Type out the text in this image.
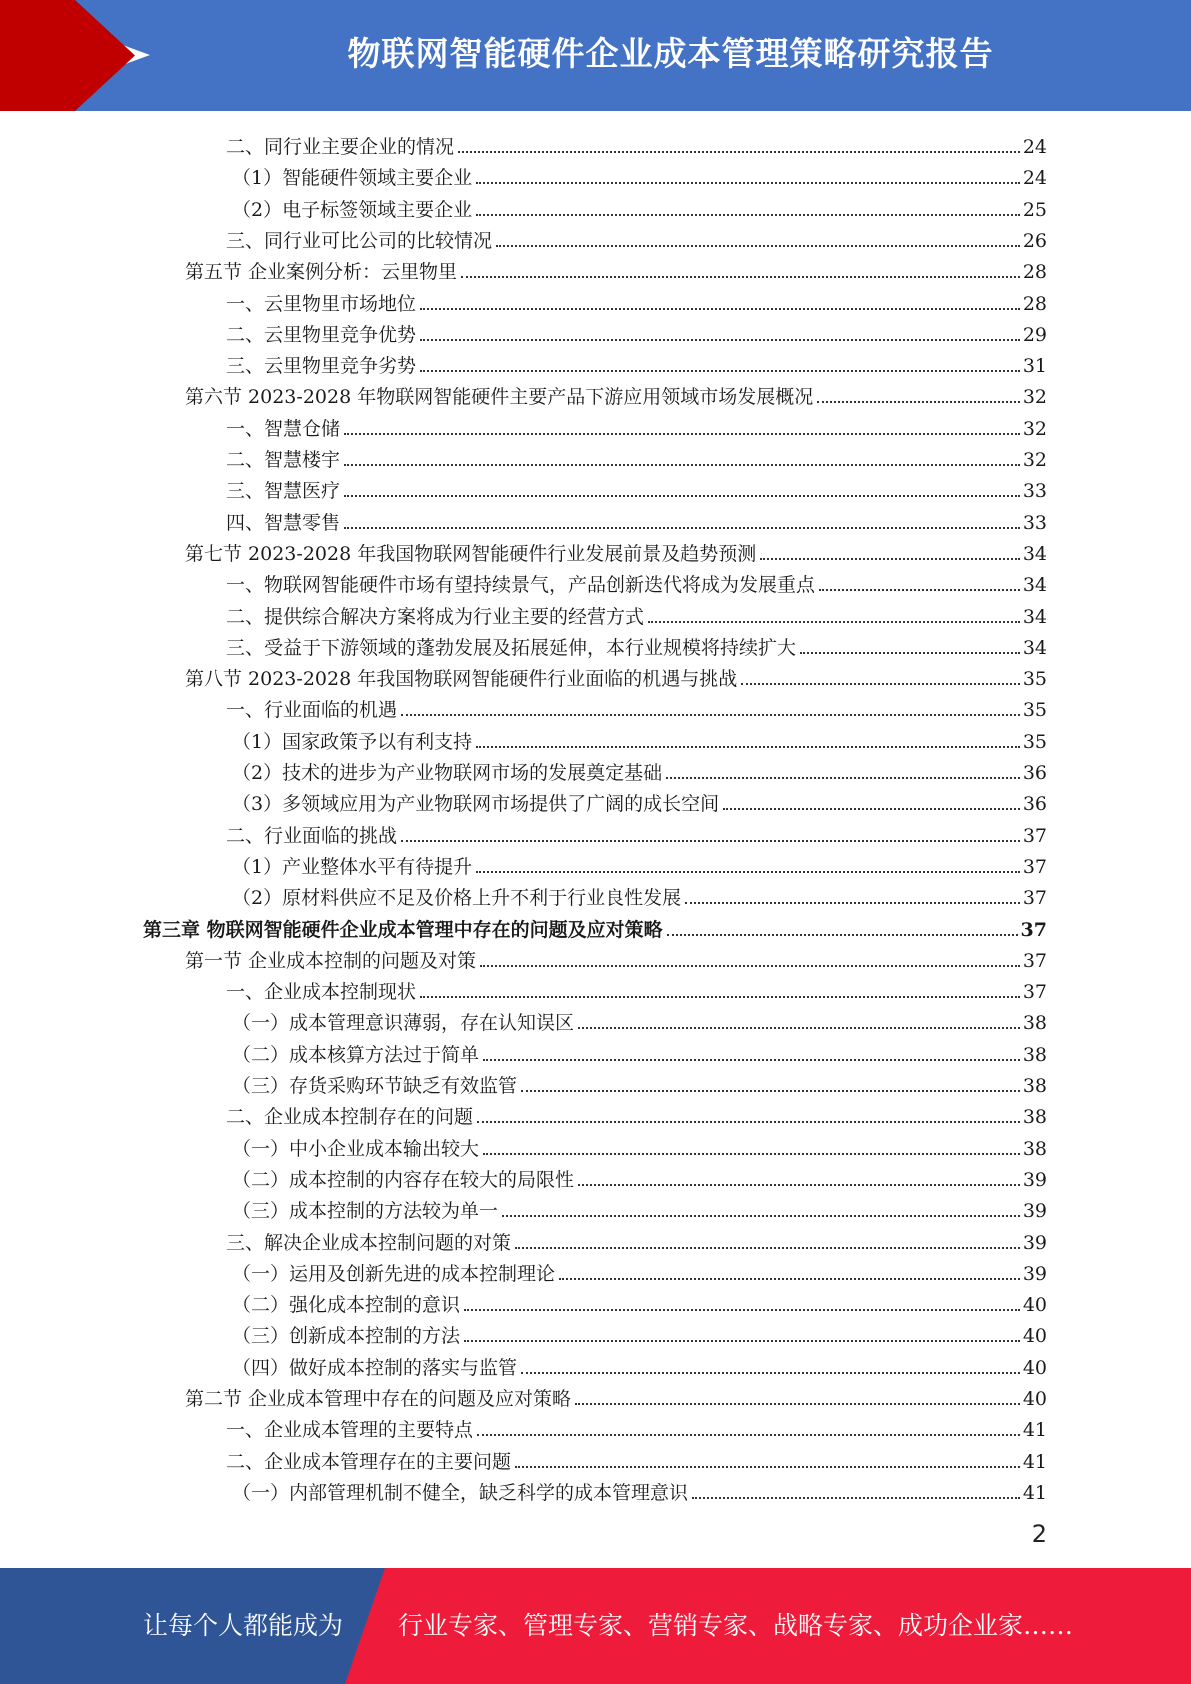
物联网智能硬件企业成本管理策略研究报告
二、同行业主要企业的情况	24
（1）智能硬件领域主要企业	24
（2）电子标签领域主要企业	25
三、同行业可比公司的比较情况	26
第五节 企业案例分析：云里物里	28
一、云里物里市场地位	28
二、云里物里竞争优势	29
三、云里物里竞争劣势	31
第六节 2023-2028 年物联网智能硬件主要产品下游应用领域市场发展概况	32
一、智慧仓储	32
二、智慧楼宇	32
三、智慧医疗	33
四、智慧零售	33
第七节 2023-2028 年我国物联网智能硬件行业发展前景及趋势预测	34
一、物联网智能硬件市场有望持续景气，产品创新迭代将成为发展重点	34
二、提供综合解决方案将成为行业主要的经营方式	34
三、受益于下游领域的蓬勃发展及拓展延伸，本行业规模将持续扩大	34
第八节 2023-2028 年我国物联网智能硬件行业面临的机遇与挑战	35
一、行业面临的机遇	35
（1）国家政策予以有利支持	35
（2）技术的进步为产业物联网市场的发展奠定基础	36
（3）多领域应用为产业物联网市场提供了广阔的成长空间	36
二、行业面临的挑战	37
（1）产业整体水平有待提升	37
（2）原材料供应不足及价格上升不利于行业良性发展	37
第三章 物联网智能硬件企业成本管理中存在的问题及应对策略	37
第一节 企业成本控制的问题及对策	37
一、企业成本控制现状	37
（一）成本管理意识薄弱，存在认知误区	38
（二）成本核算方法过于简单	38
（三）存货采购环节缺乏有效监管	38
二、企业成本控制存在的问题	38
（一）中小企业成本输出较大	38
（二）成本控制的内容存在较大的局限性	39
（三）成本控制的方法较为单一	39
三、解决企业成本控制问题的对策	39
（一）运用及创新先进的成本控制理论	39
（二）强化成本控制的意识	40
（三）创新成本控制的方法	40
（四）做好成本控制的落实与监管	40
第二节 企业成本管理中存在的问题及应对策略	40
一、企业成本管理的主要特点	41
二、企业成本管理存在的主要问题	41
（一）内部管理机制不健全，缺乏科学的成本管理意识	41
2
让每个人都能成为 行业专家、管理专家、营销专家、战略专家、成功企业家……
